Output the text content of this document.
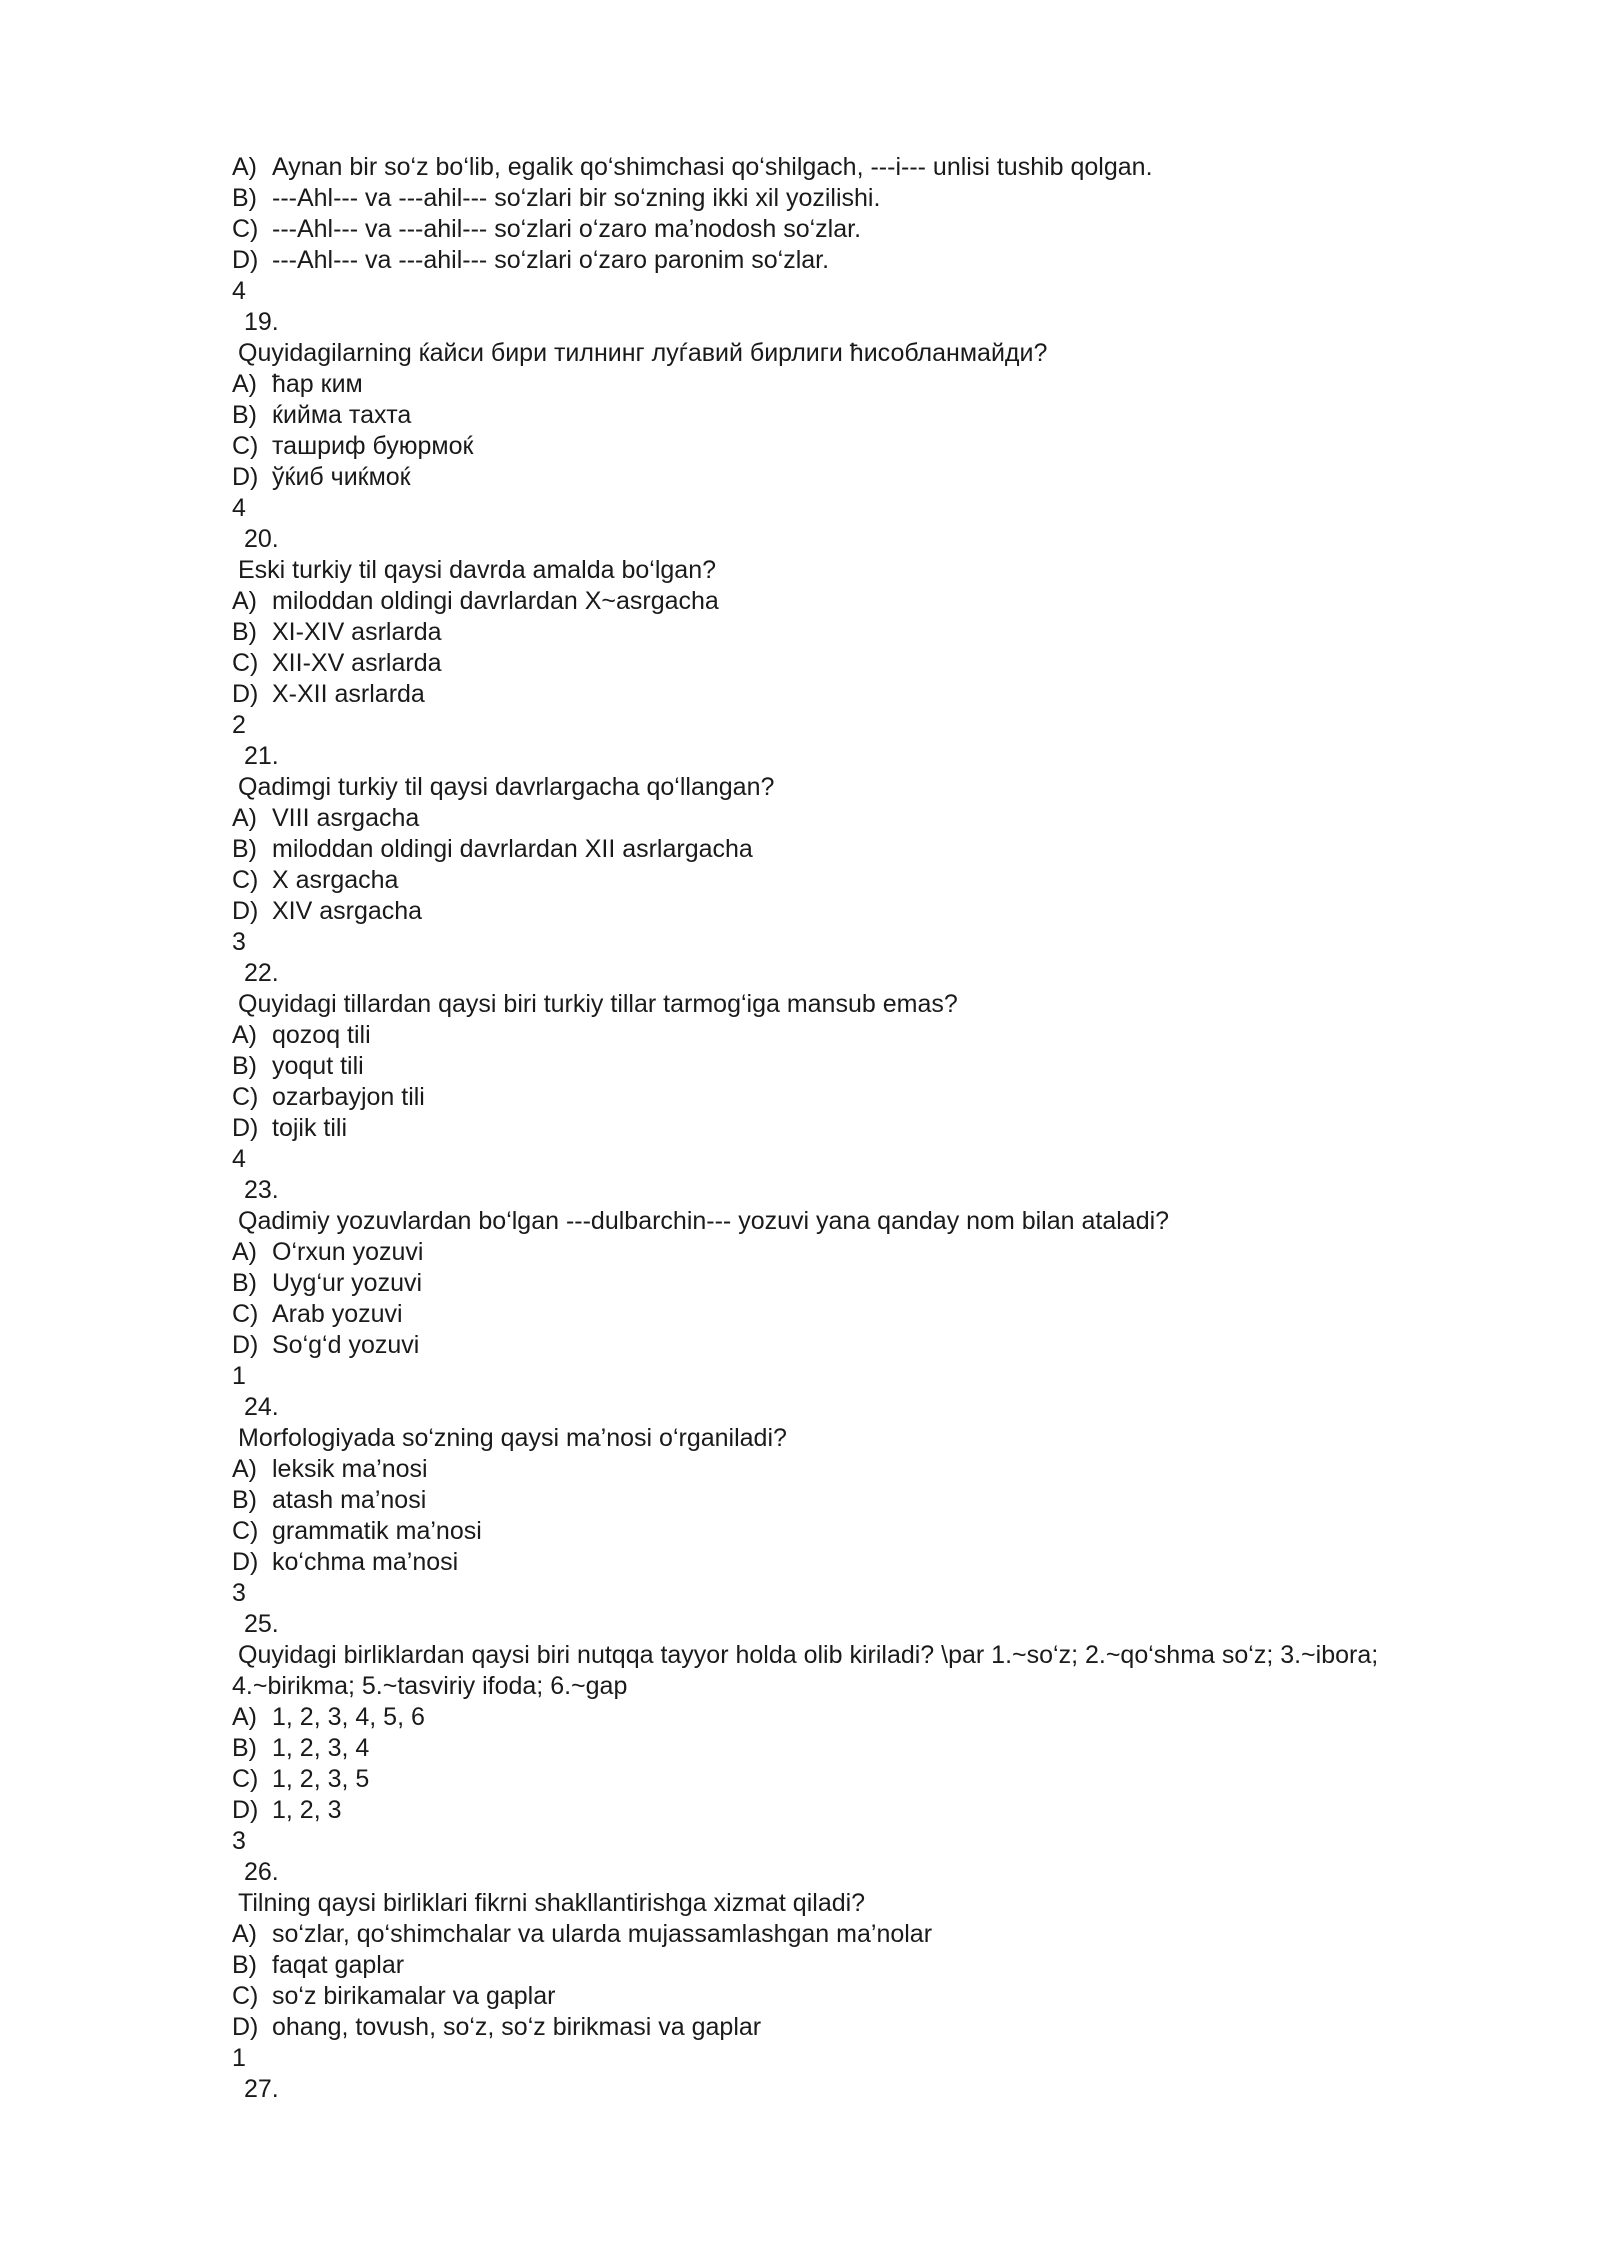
A) Aynan bir so‘z bo‘lib, egalik qo‘shimchasi qo‘shilgach, ---i--- unlisi tushib qolgan.
B) ---Ahl--- va ---ahil--- so‘zlari bir so‘zning ikki xil yozilishi.
C) ---Ahl--- va ---ahil--- so‘zlari o‘zaro ma’nodosh so‘zlar.
D) ---Ahl--- va ---ahil--- so‘zlari o‘zaro paronim so‘zlar.
4
19.
Quyidagilarning ќайси бири тилнинг луѓавий бирлиги ћисобланмайди?
A) ћар ким
B) ќийма тахта
C) ташриф буюрмоќ
D) ўќиб чиќмоќ
4
20.
Eski turkiy til qaysi davrda amalda bo‘lgan?
A) miloddan oldingi davrlardan X~asrgacha
B) XI-XIV asrlarda
C) XII-XV asrlarda
D) X-XII asrlarda
2
21.
Qadimgi turkiy til qaysi davrlargacha qo‘llangan?
A) VIII asrgacha
B) miloddan oldingi davrlardan XII asrlargacha
C) X asrgacha
D) XIV asrgacha
3
22.
Quyidagi tillardan qaysi biri turkiy tillar tarmog‘iga mansub emas?
A) qozoq tili
B) yoqut tili
C) ozarbayjon tili
D) tojik tili
4
23.
Qadimiy yozuvlardan bo‘lgan ---dulbarchin--- yozuvi yana qanday nom bilan ataladi?
A) O‘rxun yozuvi
B) Uyg‘ur yozuvi
C) Arab yozuvi
D) So‘g‘d yozuvi
1
24.
Morfologiyada so‘zning qaysi ma’nosi o‘rganiladi?
A) leksik ma’nosi
B) atash ma’nosi
C) grammatik ma’nosi
D) ko‘chma ma’nosi
3
25.
Quyidagi birliklardan qaysi biri nutqqa tayyor holda olib kiriladi? \par 1.~so‘z; 2.~qo‘shma so‘z; 3.~ibora;
4.~birikma; 5.~tasviriy ifoda; 6.~gap
A) 1, 2, 3, 4, 5, 6
B) 1, 2, 3, 4
C) 1, 2, 3, 5
D) 1, 2, 3
3
26.
Tilning qaysi birliklari fikrni shakllantirishga xizmat qiladi?
A) so‘zlar, qo‘shimchalar va ularda mujassamlashgan ma’nolar
B) faqat gaplar
C) so‘z birikamalar va gaplar
D) ohang, tovush, so‘z, so‘z birikmasi va gaplar
1
27.
